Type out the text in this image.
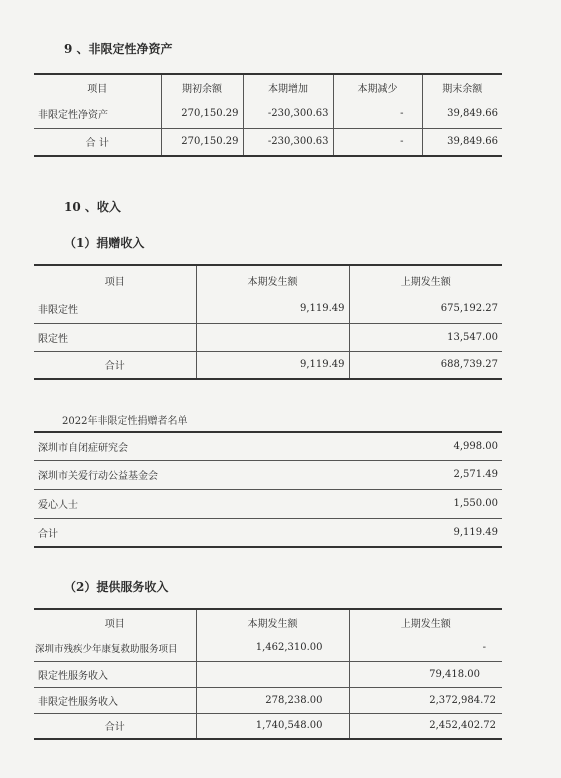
9 、非限定性净资产
项目	期初余额	本期增加	本期减少	期末余额
非限定性净资产	270,150.29	-230,300.63	-	39,849.66
合 计	270,150.29	-230,300.63	-	39,849.66
10 、收入
（1）捐赠收入
项目	本期发生额	上期发生额
非限定性	9,119.49	675,192.27
限定性		13,547.00
合计	9,119.49	688,739.27
2022年非限定性捐赠者名单
深圳市自闭症研究会		4,998.00
深圳市关爱行动公益基金会		2,571.49
爱心人士		1,550.00
合计		9,119.49
（2）提供服务收入
项目	本期发生额	上期发生额
深圳市残疾少年康复救助服务项目	1,462,310.00	-
限定性服务收入		79,418.00
非限定性服务收入	278,238.00	2,372,984.72
合计	1,740,548.00	2,452,402.72
